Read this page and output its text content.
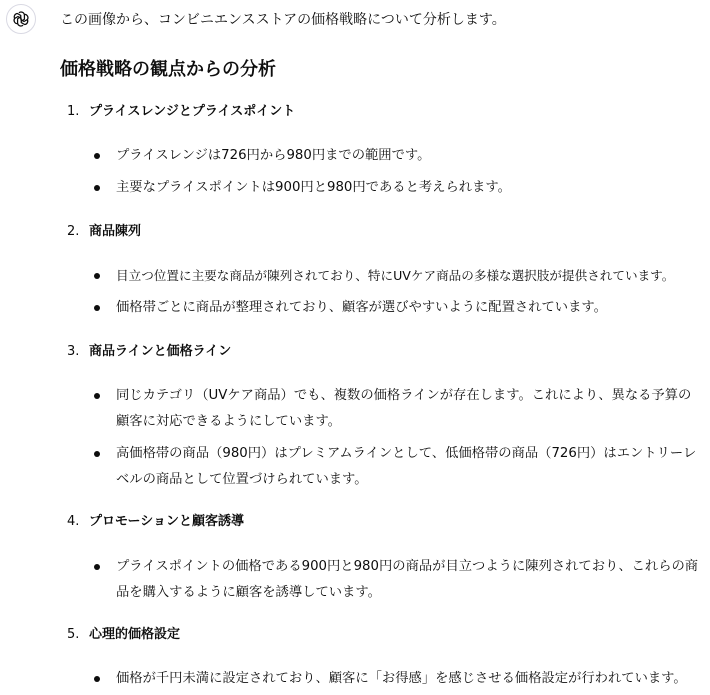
この画像から、コンビニエンスストアの価格戦略について分析します。
価格戦略の観点からの分析
1. プライスレンジとプライスポイント
プライスレンジは726円から980円までの範囲です。
主要なプライスポイントは900円と980円であると考えられます。
2. 商品陳列
目立つ位置に主要な商品が陳列されており、特にUVケア商品の多様な選択肢が提供されています。
価格帯ごとに商品が整理されており、顧客が選びやすいように配置されています。
3. 商品ラインと価格ライン
同じカテゴリ（UVケア商品）でも、複数の価格ラインが存在します。これにより、異なる予算の顧客に対応できるようにしています。
高価格帯の商品（980円）はプレミアムラインとして、低価格帯の商品（726円）はエントリーレベルの商品として位置づけられています。
4. プロモーションと顧客誘導
プライスポイントの価格である900円と980円の商品が目立つように陳列されており、これらの商品を購入するように顧客を誘導しています。
5. 心理的価格設定
価格が千円未満に設定されており、顧客に「お得感」を感じさせる価格設定が行われています。
